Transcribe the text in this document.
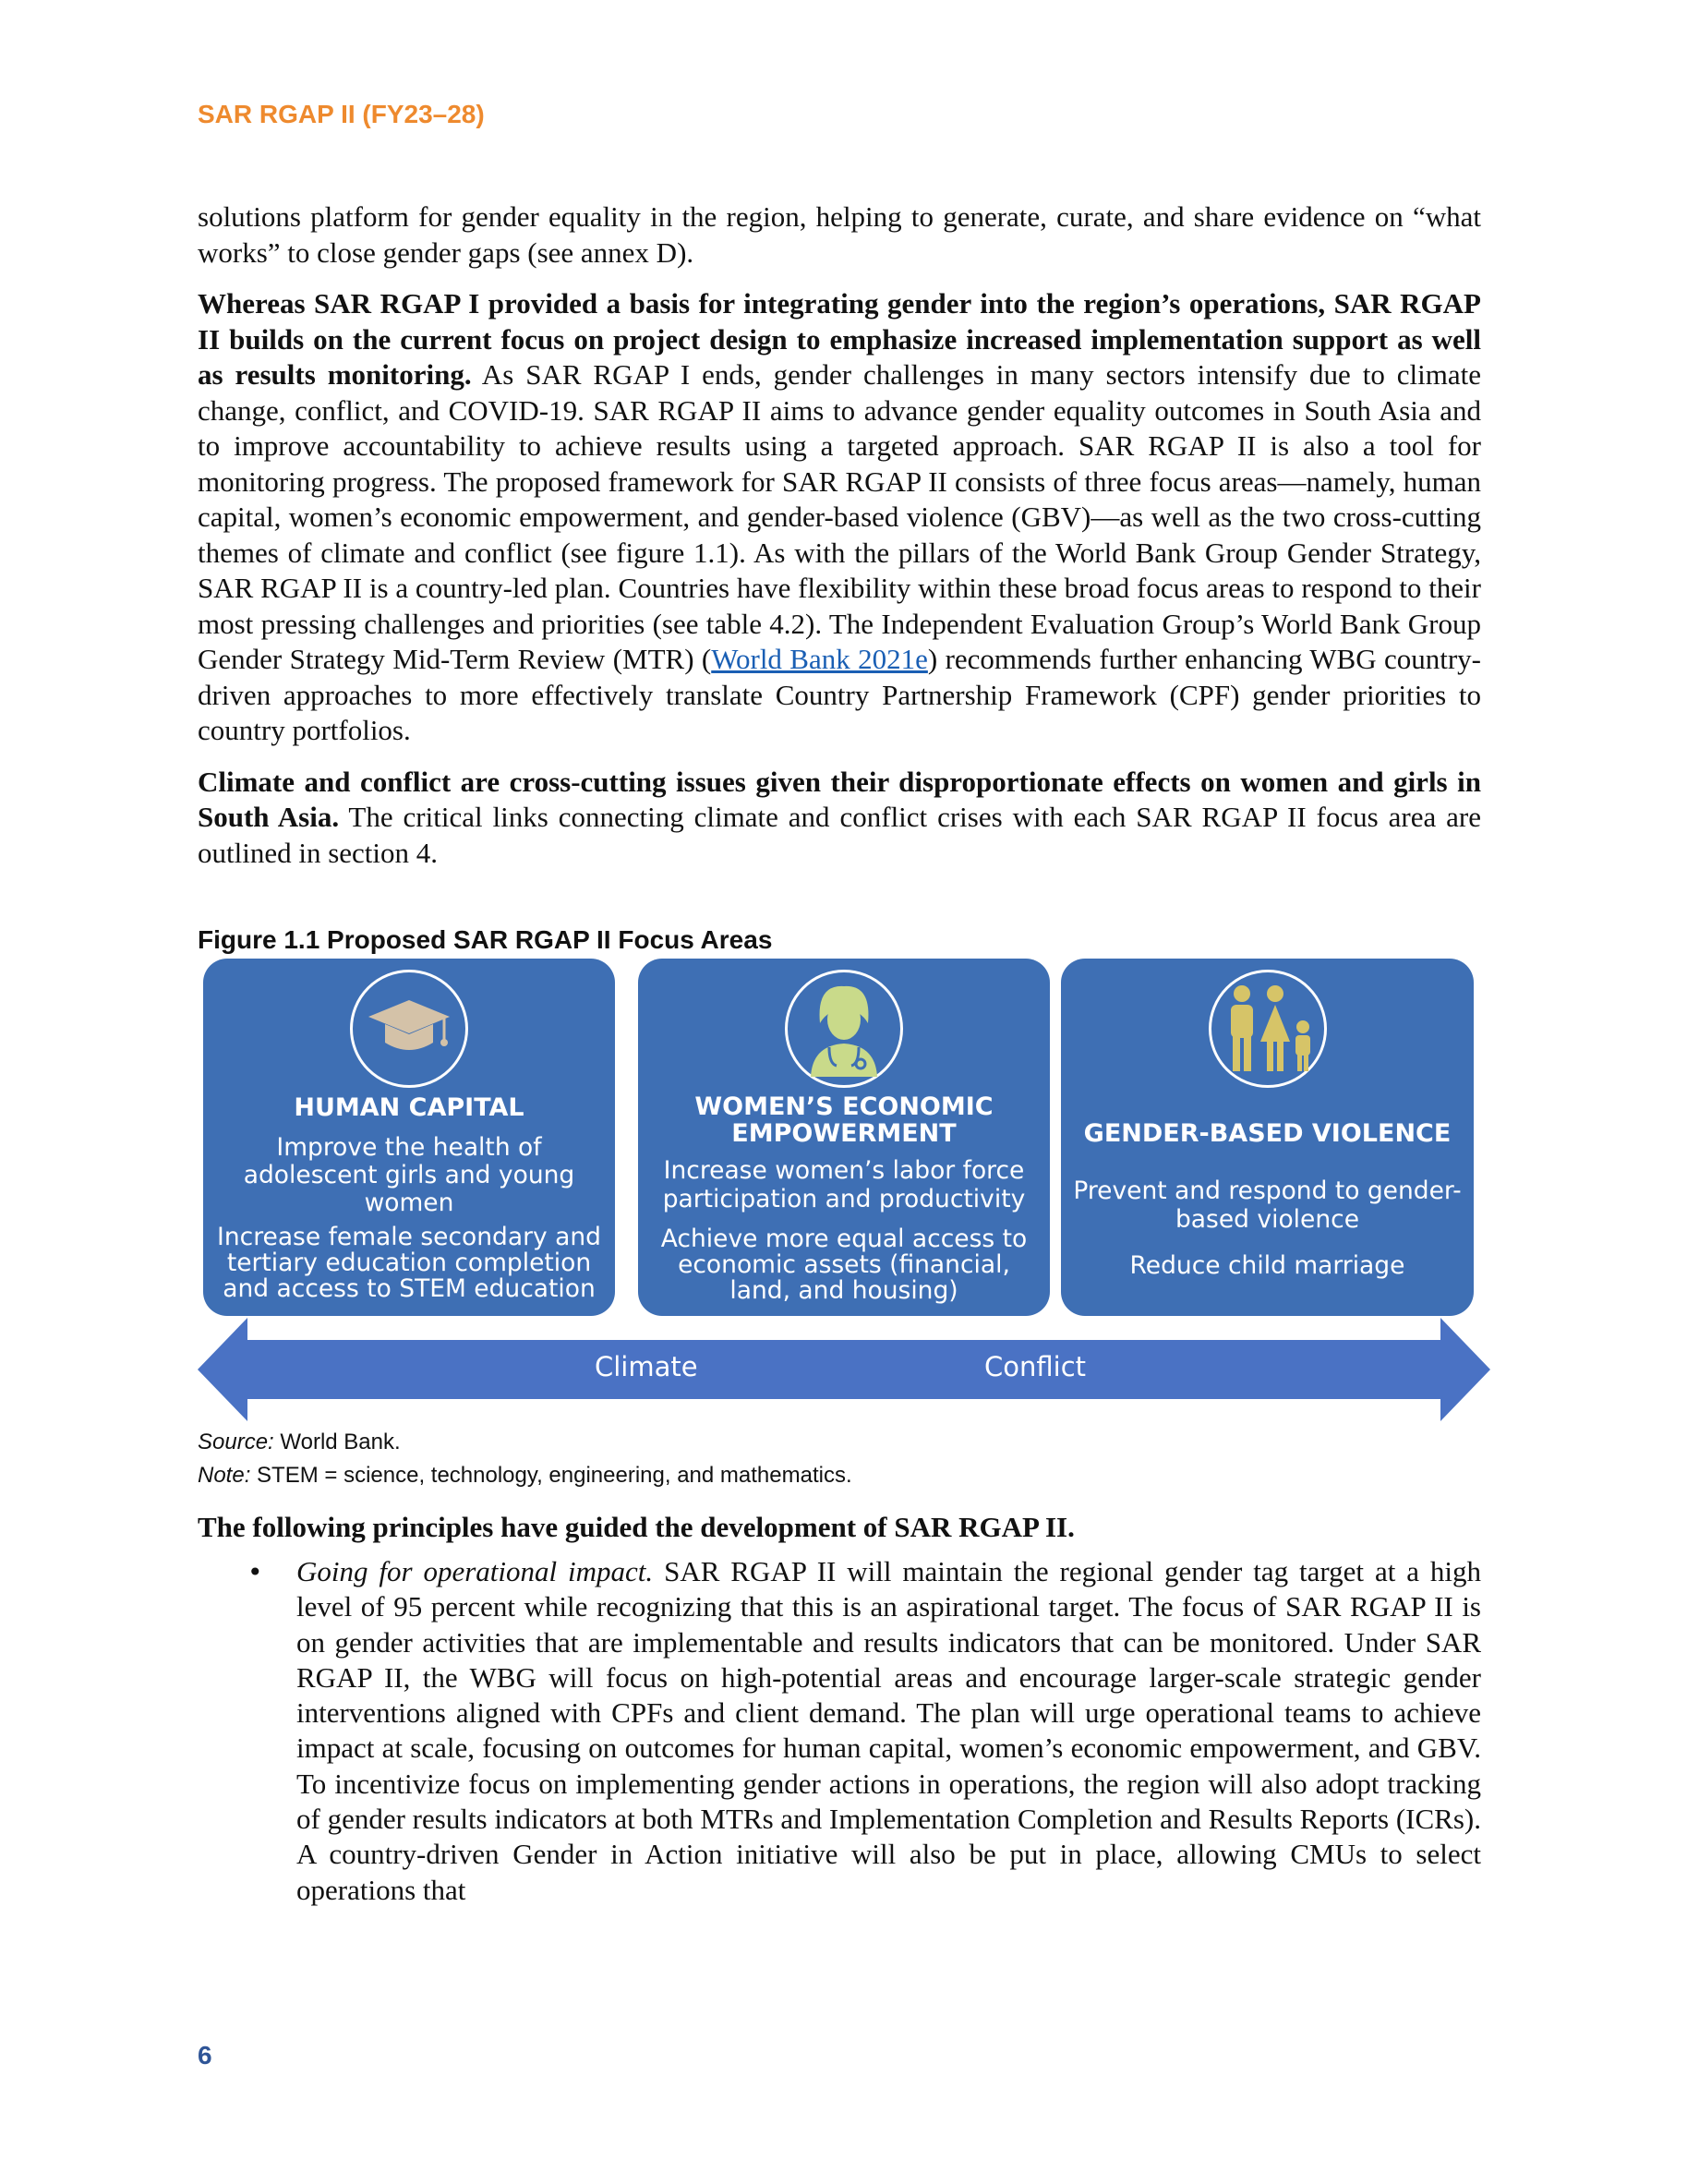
SAR RGAP II (FY23–28)

solutions platform for gender equality in the region, helping to generate, curate, and share evidence on “what works” to close gender gaps (see annex D).

Whereas SAR RGAP I provided a basis for integrating gender into the region’s operations, SAR RGAP II builds on the current focus on project design to emphasize increased implementation support as well as results monitoring. As SAR RGAP I ends, gender challenges in many sectors intensify due to climate change, conflict, and COVID-19. SAR RGAP II aims to advance gender equality outcomes in South Asia and to improve accountability to achieve results using a targeted approach. SAR RGAP II is also a tool for monitoring progress. The proposed framework for SAR RGAP II consists of three focus areas—namely, human capital, women’s economic empowerment, and gender-based violence (GBV)—as well as the two cross-cutting themes of climate and conflict (see figure 1.1). As with the pillars of the World Bank Group Gender Strategy, SAR RGAP II is a country-led plan. Countries have flexibility within these broad focus areas to respond to their most pressing challenges and priorities (see table 4.2). The Independent Evaluation Group’s World Bank Group Gender Strategy Mid-Term Review (MTR) (World Bank 2021e) recommends further enhancing WBG country-driven approaches to more effectively translate Country Partnership Framework (CPF) gender priorities to country portfolios.

Climate and conflict are cross-cutting issues given their disproportionate effects on women and girls in South Asia. The critical links connecting climate and conflict crises with each SAR RGAP II focus area are outlined in section 4.

Figure 1.1 Proposed SAR RGAP II Focus Areas
HUMAN CAPITAL
Improve the health of adolescent girls and young women
Increase female secondary and tertiary education completion and access to STEM education
WOMEN’S ECONOMIC EMPOWERMENT
Increase women’s labor force participation and productivity
Achieve more equal access to economic assets (financial, land, and housing)
GENDER-BASED VIOLENCE
Prevent and respond to gender-based violence
Reduce child marriage
Climate	Conflict
Source: World Bank.
Note: STEM = science, technology, engineering, and mathematics.
The following principles have guided the development of SAR RGAP II.
• Going for operational impact. SAR RGAP II will maintain the regional gender tag target at a high level of 95 percent while recognizing that this is an aspirational target. The focus of SAR RGAP II is on gender activities that are implementable and results indicators that can be monitored. Under SAR RGAP II, the WBG will focus on high-potential areas and encourage larger-scale strategic gender interventions aligned with CPFs and client demand. The plan will urge operational teams to achieve impact at scale, focusing on outcomes for human capital, women’s economic empowerment, and GBV. To incentivize focus on implementing gender actions in operations, the region will also adopt tracking of gender results indicators at both MTRs and Implementation Completion and Results Reports (ICRs). A country-driven Gender in Action initiative will also be put in place, allowing CMUs to select operations that
6
